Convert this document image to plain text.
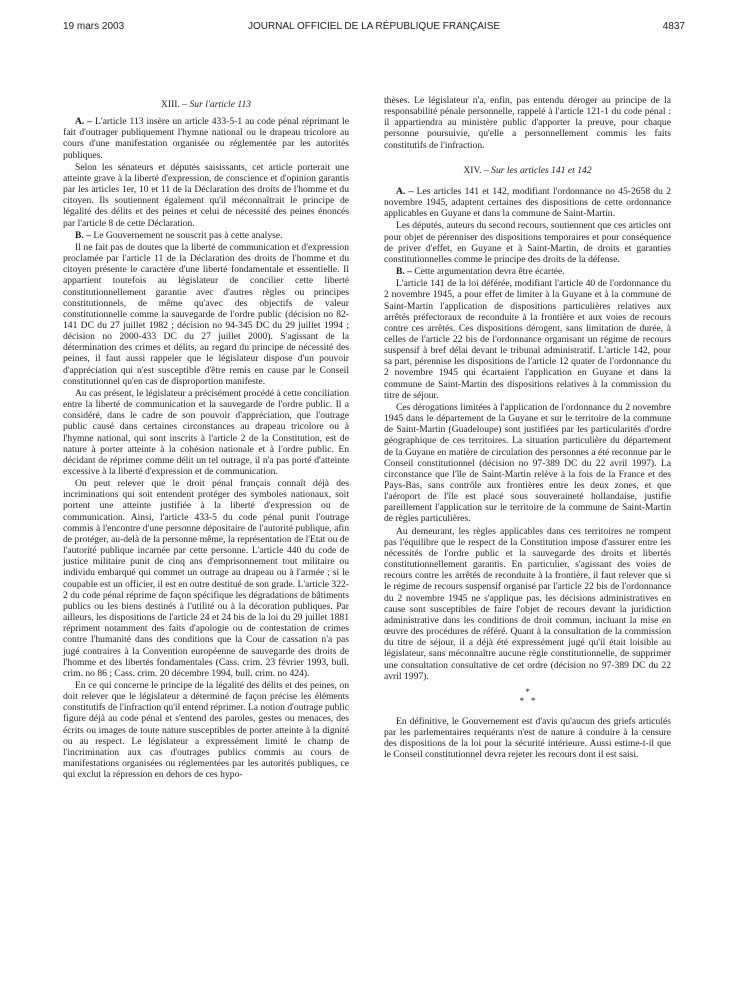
19 mars 2003	JOURNAL OFFICIEL DE LA RÉPUBLIQUE FRANÇAISE	4837

XIII. – Sur l'article 113

A. – L'article 113 insère un article 433-5-1 au code pénal réprimant le fait d'outrager publiquement l'hymne national ou le drapeau tricolore au cours d'une manifestation organisée ou réglementée par les autorités publiques.

Selon les sénateurs et députés saisissants, cet article porterait une atteinte grave à la liberté d'expression, de conscience et d'opinion garantis par les articles 1er, 10 et 11 de la Déclaration des droits de l'homme et du citoyen. Ils soutiennent également qu'il méconnaîtrait le principe de légalité des délits et des peines et celui de nécessité des peines énoncés par l'article 8 de cette Déclaration.

B. – Le Gouvernement ne souscrit pas à cette analyse.

Il ne fait pas de doutes que la liberté de communication et d'expression proclamée par l'article 11 de la Déclaration des droits de l'homme et du citoyen présente le caractère d'une liberté fondamentale et essentielle. Il appartient toutefois au législateur de concilier cette liberté constitutionnellement garantie avec d'autres règles ou principes constitutionnels, de même qu'avec des objectifs de valeur constitutionnelle comme la sauvegarde de l'ordre public (décision no 82-141 DC du 27 juillet 1982 ; décision no 94-345 DC du 29 juillet 1994 ; décision no 2000-433 DC du 27 juillet 2000). S'agissant de la détermination des crimes et délits, au regard du principe de nécessité des peines, il faut aussi rappeler que le législateur dispose d'un pouvoir d'appréciation qui n'est susceptible d'être remis en cause par le Conseil constitutionnel qu'en cas de disproportion manifeste.

Au cas présent, le législateur a précisément procédé à cette conciliation entre la liberté de communication et la sauvegarde de l'ordre public. Il a considéré, dans le cadre de son pouvoir d'appréciation, que l'outrage public causé dans certaines circonstances au drapeau tricolore ou à l'hymne national, qui sont inscrits à l'article 2 de la Constitution, est de nature à porter atteinte à la cohésion nationale et à l'ordre public. En décidant de réprimer comme délit un tel outrage, il n'a pas porté d'atteinte excessive à la liberté d'expression et de communication.

On peut relever que le droit pénal français connaît déjà des incriminations qui soit entendent protéger des symboles nationaux, soit portent une atteinte justifiée à la liberté d'expression ou de communication. Ainsi, l'article 433-5 du code pénal punit l'outrage commis à l'encontre d'une personne dépositaire de l'autorité publique, afin de protéger, au-delà de la personne même, la représentation de l'Etat ou de l'autorité publique incarnée par cette personne. L'article 440 du code de justice militaire punit de cinq ans d'emprisonnement tout militaire ou individu embarqué qui commet un outrage au drapeau ou à l'armée ; si le coupable est un officier, il est en outre destitué de son grade. L'article 322-2 du code pénal réprime de façon spécifique les dégradations de bâtiments publics ou les biens destinés à l'utilité ou à la décoration publiques. Par ailleurs, les dispositions de l'article 24 et 24 bis de la loi du 29 juillet 1881 répriment notamment des faits d'apologie ou de contestation de crimes contre l'humanité dans des conditions que la Cour de cassation n'a pas jugé contraires à la Convention européenne de sauvegarde des droits de l'homme et des libertés fondamentales (Cass. crim. 23 février 1993, bull. crim. no 86 ; Cass. crim. 20 décembre 1994, bull. crim. no 424).

En ce qui concerne le principe de la légalité des délits et des peines, on doit relever que le législateur a déterminé de façon précise les éléments constitutifs de l'infraction qu'il entend réprimer. La notion d'outrage public figure déjà au code pénal et s'entend des paroles, gestes ou menaces, des écrits ou images de toute nature susceptibles de porter atteinte à la dignité ou au respect. Le législateur a expressément limité le champ de l'incrimination aux cas d'outrages publics commis au cours de manifestations organisées ou réglementées par les autorités publiques, ce qui exclut la répression en dehors de ces hypo-

thèses. Le législateur n'a, enfin, pas entendu déroger au principe de la responsabilité pénale personnelle, rappelé à l'article 121-1 du code pénal : il appartiendra au ministère public d'apporter la preuve, pour chaque personne poursuivie, qu'elle a personnellement commis les faits constitutifs de l'infraction.

XIV. – Sur les articles 141 et 142

A. – Les articles 141 et 142, modifiant l'ordonnance no 45-2658 du 2 novembre 1945, adaptent certaines des dispositions de cette ordonnance applicables en Guyane et dans la commune de Saint-Martin.

Les députés, auteurs du second recours, soutiennent que ces articles ont pour objet de pérenniser des dispositions temporaires et pour conséquence de priver d'effet, en Guyane et à Saint-Martin, de droits et garanties constitutionnelles comme le principe des droits de la défense.

B. – Cette argumentation devra être écartée.

L'article 141 de la loi déférée, modifiant l'article 40 de l'ordonnance du 2 novembre 1945, a pour effet de limiter à la Guyane et à la commune de Saint-Martin l'application de dispositions particulières relatives aux arrêtés préfectoraux de reconduite à la frontière et aux voies de recours contre ces arrêtés. Ces dispositions dérogent, sans limitation de durée, à celles de l'article 22 bis de l'ordonnance organisant un régime de recours suspensif à bref délai devant le tribunal administratif. L'article 142, pour sa part, pérennise les dispositions de l'article 12 quater de l'ordonnance du 2 novembre 1945 qui écartaient l'application en Guyane et dans la commune de Saint-Martin des dispositions relatives à la commission du titre de séjour.

Ces dérogations limitées à l'application de l'ordonnance du 2 novembre 1945 dans le département de la Guyane et sur le territoire de la commune de Saint-Martin (Guadeloupe) sont justifiées par les particularités d'ordre géographique de ces territoires. La situation particulière du département de la Guyane en matière de circulation des personnes a été reconnue par le Conseil constitutionnel (décision no 97-389 DC du 22 avril 1997). La circonstance que l'île de Saint-Martin relève à la fois de la France et des Pays-Bas, sans contrôle aux frontières entre les deux zones, et que l'aéroport de l'île est placé sous souveraineté hollandaise, justifie pareillement l'application sur le territoire de la commune de Saint-Martin de règles particulières.

Au demeurant, les règles applicables dans ces territoires ne rompent pas l'équilibre que le respect de la Constitution impose d'assurer entre les nécessités de l'ordre public et la sauvegarde des droits et libertés constitutionnellement garantis. En particulier, s'agissant des voies de recours contre les arrêtés de reconduite à la frontière, il faut relever que si le régime de recours suspensif organisé par l'article 22 bis de l'ordonnance du 2 novembre 1945 ne s'applique pas, les décisions administratives en cause sont susceptibles de faire l'objet de recours devant la juridiction administrative dans les conditions de droit commun, incluant la mise en œuvre des procédures de référé. Quant à la consultation de la commission du titre de séjour, il a déjà été expressément jugé qu'il était loisible au législateur, sans méconnaître aucune règle constitutionnelle, de supprimer une consultation consultative de cet ordre (décision no 97-389 DC du 22 avril 1997).

*
*   *

En définitive, le Gouvernement est d'avis qu'aucun des griefs articulés par les parlementaires requérants n'est de nature à conduire à la censure des dispositions de la loi pour la sécurité intérieure. Aussi estime-t-il que le Conseil constitutionnel devra rejeter les recours dont il est saisi.
